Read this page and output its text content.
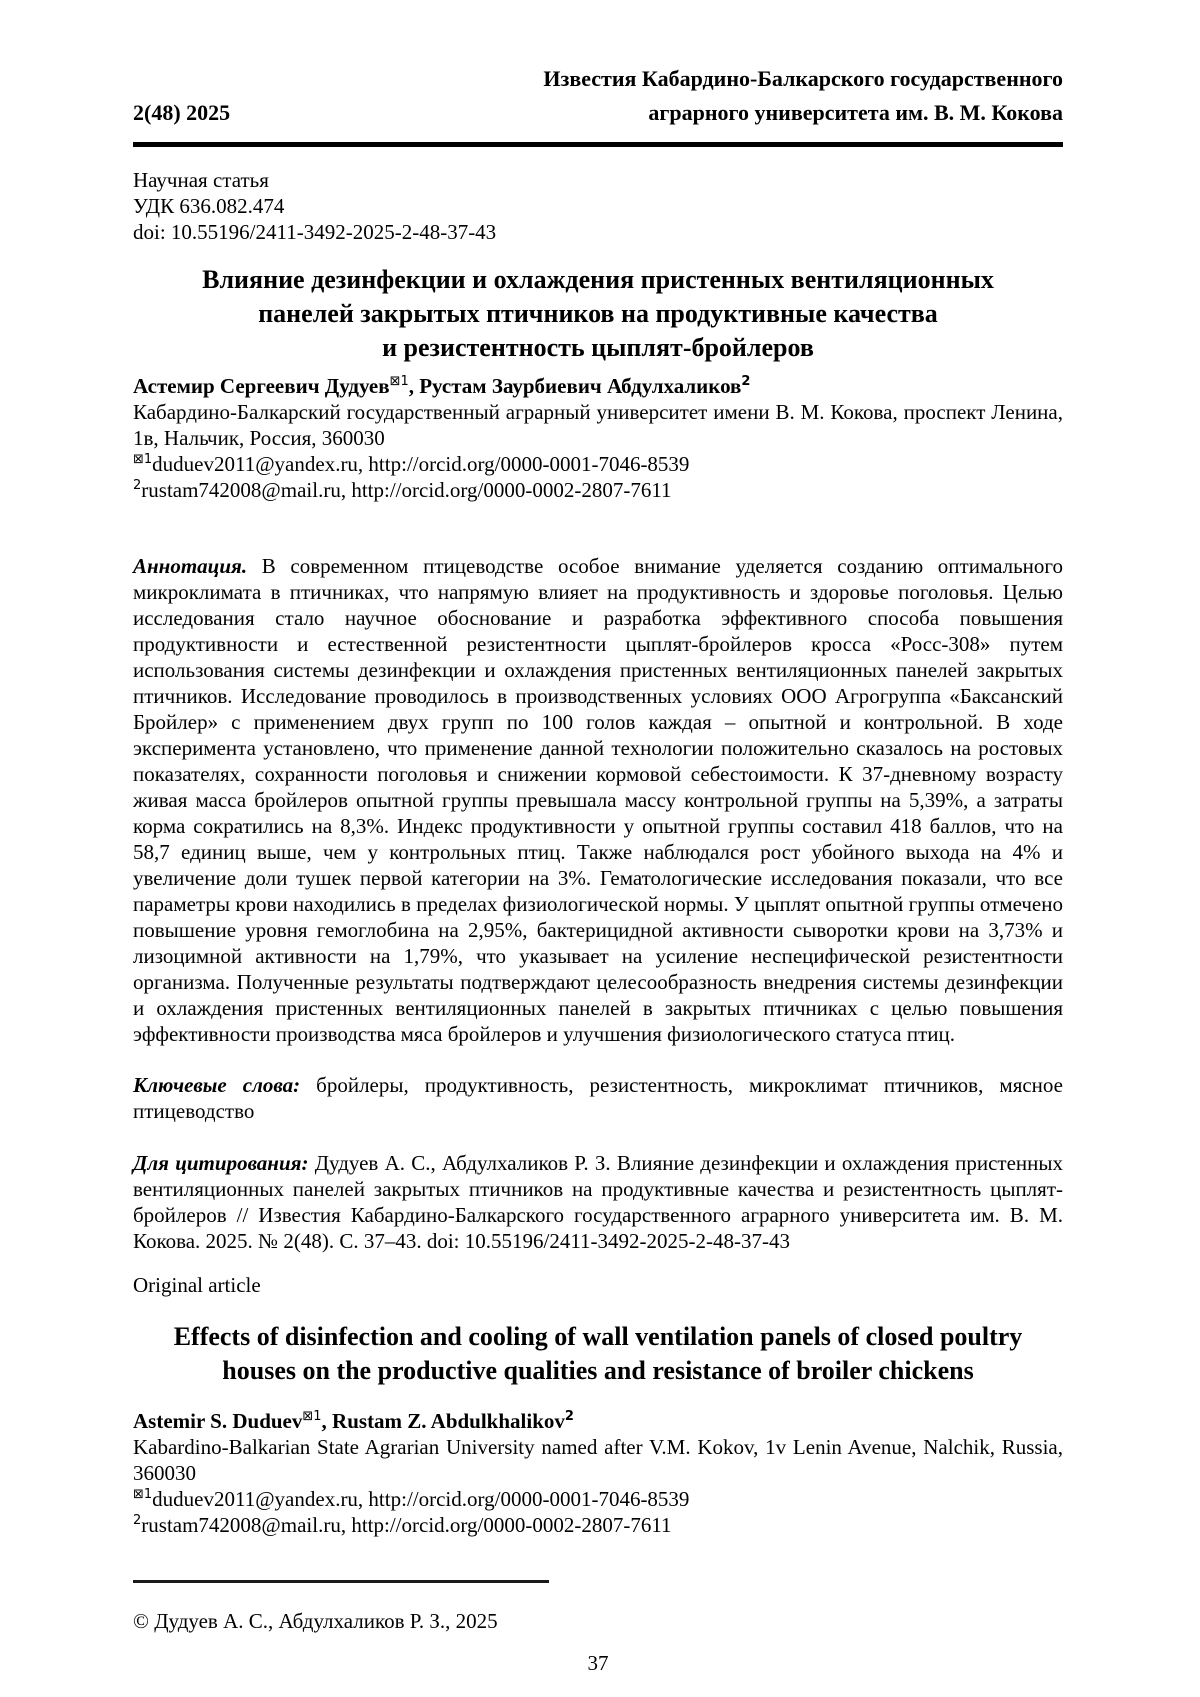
2(48) 2025
Известия Кабардино-Балкарского государственного
аграрного университета им. В. М. Кокова
Научная статья
УДК 636.082.474
doi: 10.55196/2411-3492-2025-2-48-37-43
Влияние дезинфекции и охлаждения пристенных вентиляционных
панелей закрытых птичников на продуктивные качества
и резистентность цыплят-бройлеров
Астемир Сергеевич Дудуев$^{⊠1}$, Рустам Заурбиевич Абдулхаликов$^2$
Кабардино-Балкарский государственный аграрный университет имени В. М. Кокова, проспект Ленина, 1в, Нальчик, Россия, 360030
$^{⊠1}$duduev2011@yandex.ru, http://orcid.org/0000-0001-7046-8539
$^2$rustam742008@mail.ru, http://orcid.org/0000-0002-2807-7611
Аннотация. В современном птицеводстве особое внимание уделяется созданию оптимального микроклимата в птичниках, что напрямую влияет на продуктивность и здоровье поголовья. Целью исследования стало научное обоснование и разработка эффективного способа повышения продуктивности и естественной резистентности цыплят-бройлеров кросса «Росс-308» путем использования системы дезинфекции и охлаждения пристенных вентиляционных панелей закрытых птичников. Исследование проводилось в производственных условиях ООО Агрогруппа «Баксанский Бройлер» с применением двух групп по 100 голов каждая – опытной и контрольной. В ходе эксперимента установлено, что применение данной технологии положительно сказалось на ростовых показателях, сохранности поголовья и снижении кормовой себестоимости. К 37-дневному возрасту живая масса бройлеров опытной группы превышала массу контрольной группы на 5,39%, а затраты корма сократились на 8,3%. Индекс продуктивности у опытной группы составил 418 баллов, что на 58,7 единиц выше, чем у контрольных птиц. Также наблюдался рост убойного выхода на 4% и увеличение доли тушек первой категории на 3%. Гематологические исследования показали, что все параметры крови находились в пределах физиологической нормы. У цыплят опытной группы отмечено повышение уровня гемоглобина на 2,95%, бактерицидной активности сыворотки крови на 3,73% и лизоцимной активности на 1,79%, что указывает на усиление неспецифической резистентности организма. Полученные результаты подтверждают целесообразность внедрения системы дезинфекции и охлаждения пристенных вентиляционных панелей в закрытых птичниках с целью повышения эффективности производства мяса бройлеров и улучшения физиологического статуса птиц.
Ключевые слова: бройлеры, продуктивность, резистентность, микроклимат птичников, мясное птицеводство
Для цитирования: Дудуев А. С., Абдулхаликов Р. З. Влияние дезинфекции и охлаждения пристенных вентиляционных панелей закрытых птичников на продуктивные качества и резистентность цыплят-бройлеров // Известия Кабардино-Балкарского государственного аграрного университета им. В. М. Кокова. 2025. № 2(48). С. 37–43. doi: 10.55196/2411-3492-2025-2-48-37-43
Original article
Effects of disinfection and cooling of wall ventilation panels of closed poultry
houses on the productive qualities and resistance of broiler chickens
Astemir S. Duduev$^{⊠1}$, Rustam Z. Abdulkhalikov$^2$
Kabardino-Balkarian State Agrarian University named after V.M. Kokov, 1v Lenin Avenue, Nalchik, Russia, 360030
$^{⊠1}$duduev2011@yandex.ru, http://orcid.org/0000-0001-7046-8539
$^2$rustam742008@mail.ru, http://orcid.org/0000-0002-2807-7611
© Дудуев А. С., Абдулхаликов Р. З., 2025
37
